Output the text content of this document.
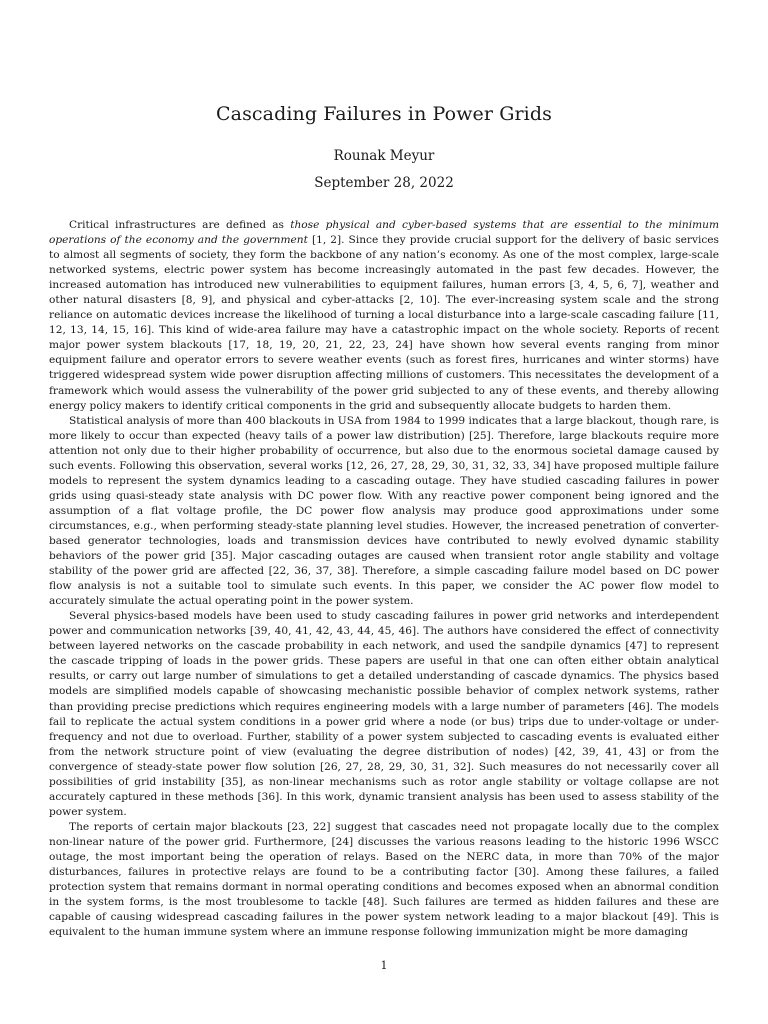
Cascading Failures in Power Grids
Rounak Meyur
September 28, 2022

Critical infrastructures are defined as those physical and cyber-based systems that are essential to the minimum operations of the economy and the government [1, 2]. Since they provide crucial support for the delivery of basic services to almost all segments of society, they form the backbone of any nation’s economy. As one of the most complex, large-scale networked systems, electric power system has become increasingly automated in the past few decades. However, the increased automation has introduced new vulnerabilities to equipment failures, human errors [3, 4, 5, 6, 7], weather and other natural disasters [8, 9], and physical and cyber-attacks [2, 10]. The ever-increasing system scale and the strong reliance on automatic devices increase the likelihood of turning a local disturbance into a large-scale cascading failure [11, 12, 13, 14, 15, 16]. This kind of wide-area failure may have a catastrophic impact on the whole society. Reports of recent major power system blackouts [17, 18, 19, 20, 21, 22, 23, 24] have shown how several events ranging from minor equipment failure and operator errors to severe weather events (such as forest fires, hurricanes and winter storms) have triggered widespread system wide power disruption affecting millions of customers. This necessitates the development of a framework which would assess the vulnerability of the power grid subjected to any of these events, and thereby allowing energy policy makers to identify critical components in the grid and subsequently allocate budgets to harden them.

Statistical analysis of more than 400 blackouts in USA from 1984 to 1999 indicates that a large blackout, though rare, is more likely to occur than expected (heavy tails of a power law distribution) [25]. Therefore, large blackouts require more attention not only due to their higher probability of occurrence, but also due to the enormous societal damage caused by such events. Following this observation, several works [12, 26, 27, 28, 29, 30, 31, 32, 33, 34] have proposed multiple failure models to represent the system dynamics leading to a cascading outage. They have studied cascading failures in power grids using quasi-steady state analysis with DC power flow. With any reactive power component being ignored and the assumption of a flat voltage profile, the DC power flow analysis may produce good approximations under some circumstances, e.g., when performing steady-state planning level studies. However, the increased penetration of converter-based generator technologies, loads and transmission devices have contributed to newly evolved dynamic stability behaviors of the power grid [35]. Major cascading outages are caused when transient rotor angle stability and voltage stability of the power grid are affected [22, 36, 37, 38]. Therefore, a simple cascading failure model based on DC power flow analysis is not a suitable tool to simulate such events. In this paper, we consider the AC power flow model to accurately simulate the actual operating point in the power system.

Several physics-based models have been used to study cascading failures in power grid networks and interdependent power and communication networks [39, 40, 41, 42, 43, 44, 45, 46]. The authors have considered the effect of connectivity between layered networks on the cascade probability in each network, and used the sandpile dynamics [47] to represent the cascade tripping of loads in the power grids. These papers are useful in that one can often either obtain analytical results, or carry out large number of simulations to get a detailed understanding of cascade dynamics. The physics based models are simplified models capable of showcasing mechanistic possible behavior of complex network systems, rather than providing precise predictions which requires engineering models with a large number of parameters [46]. The models fail to replicate the actual system conditions in a power grid where a node (or bus) trips due to under-voltage or under-frequency and not due to overload. Further, stability of a power system subjected to cascading events is evaluated either from the network structure point of view (evaluating the degree distribution of nodes) [42, 39, 41, 43] or from the convergence of steady-state power flow solution [26, 27, 28, 29, 30, 31, 32]. Such measures do not necessarily cover all possibilities of grid instability [35], as non-linear mechanisms such as rotor angle stability or voltage collapse are not accurately captured in these methods [36]. In this work, dynamic transient analysis has been used to assess stability of the power system.

The reports of certain major blackouts [23, 22] suggest that cascades need not propagate locally due to the complex non-linear nature of the power grid. Furthermore, [24] discusses the various reasons leading to the historic 1996 WSCC outage, the most important being the operation of relays. Based on the NERC data, in more than 70% of the major disturbances, failures in protective relays are found to be a contributing factor [30]. Among these failures, a failed protection system that remains dormant in normal operating conditions and becomes exposed when an abnormal condition in the system forms, is the most troublesome to tackle [48]. Such failures are termed as hidden failures and these are capable of causing widespread cascading failures in the power system network leading to a major blackout [49]. This is equivalent to the human immune system where an immune response following immunization might be more damaging

1
